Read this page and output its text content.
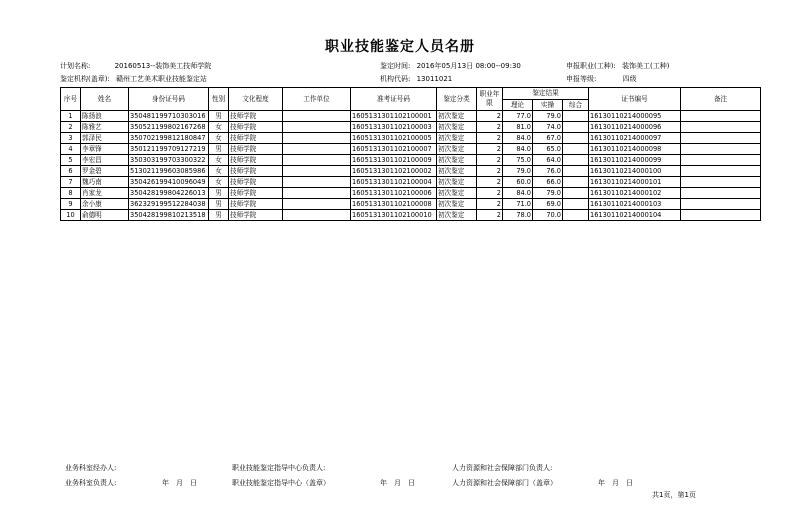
职业技能鉴定人员名册
计划名称:	20160513--装饰美工技师学院	鉴定时间: 2016年05月13日 08:00--09:30	申报职业(工种): 装饰美工(工种)
鉴定机构(盖章): 赣州工艺美术职业技能鉴定站	机构代码: 13011021	申报等级:	四级
序号	姓名	身份证号码	性别	文化程度	工作单位	准考证号码	鉴定分类	职业年限	鉴定结果			证书编号	备注
									理论	实操	综合		
1	陈扬浪	350481199710303016	男	技师学院		1605131301102100001	初次鉴定	2	77.0	79.0		16130110214000095	
2	陈雅艺	350521199802167268	女	技师学院		1605131301102100003	初次鉴定	2	81.0	74.0		16130110214000096	
3	郭泽民	350702199812180847	女	技师学院		1605131301102100005	初次鉴定	2	84.0	67.0		16130110214000097	
4	李章锋	350121199709127219	男	技师学院		1605131301102100007	初次鉴定	2	84.0	65.0		16130110214000098	
5	李宏昌	350303199703300322	女	技师学院		1605131301102100009	初次鉴定	2	75.0	64.0		16130110214000099	
6	罗金碧	513021199603085986	女	技师学院		1605131301102100002	初次鉴定	2	79.0	76.0		16130110214000100	
7	魏巧南	350426199410096049	女	技师学院		1605131301102100004	初次鉴定	2	60.0	66.0		16130110214000101	
8	肖家龙	350428199804226013	男	技师学院		1605131301102100006	初次鉴定	2	84.0	79.0		16130110214000102	
9	余小康	362329199512284038	男	技师学院		1605131301102100008	初次鉴定	2	71.0	69.0		16130110214000103	
10	俞德明	350428199810213518	男	技师学院		1605131301102100010	初次鉴定	2	78.0	70.0		16130110214000104	
业务科室经办人:	职业技能鉴定指导中心负责人:	人力资源和社会保障部门负责人:
业务科室负责人:	年　月　日	职业技能鉴定指导中心（盖章）	年　月　日	人力资源和社会保障部门（盖章）	年　月　日
共1页，第1页
